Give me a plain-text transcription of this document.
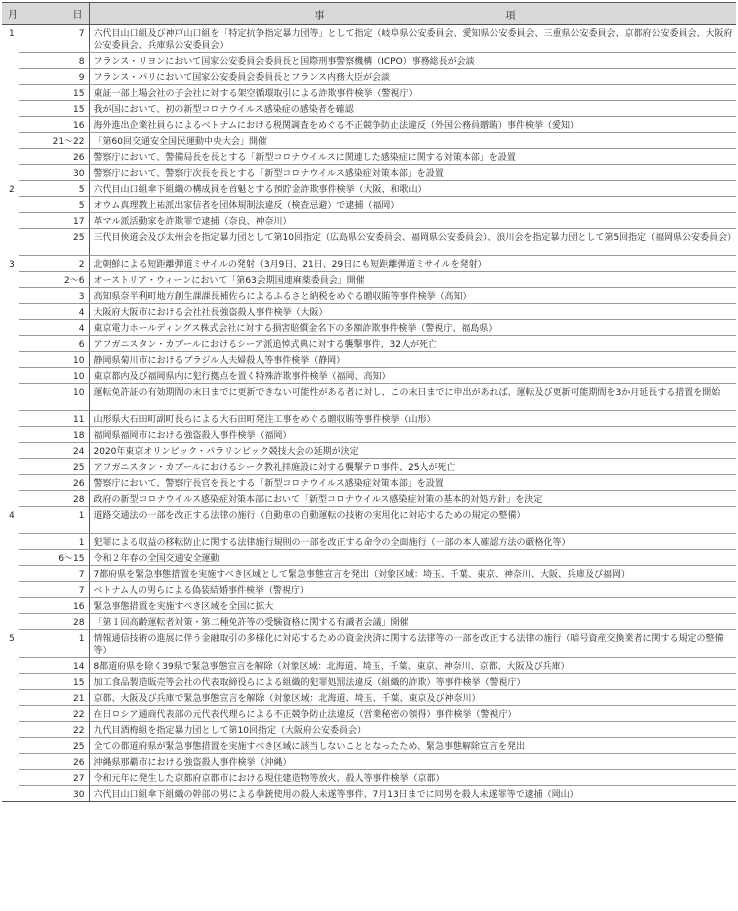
月	日	事 項

1	7	六代目山口組及び神戸山口組を「特定抗争指定暴力団等」として指定（岐阜県公安委員会、愛知県公安委員会、三重県公安委員会、京都府公安委員会、大阪府公安委員会、兵庫県公安委員会）
	8	フランス・リヨンにおいて国家公安委員会委員長と国際刑事警察機構（ICPO）事務総長が会談
	9	フランス・パリにおいて国家公安委員会委員長とフランス内務大臣が会談
	15	東証一部上場会社の子会社に対する架空循環取引による詐欺事件検挙（警視庁）
	15	我が国において、初の新型コロナウイルス感染症の感染者を確認
	16	海外進出企業社員らによるベトナムにおける税関調査をめぐる不正競争防止法違反（外国公務員贈賄）事件検挙（愛知）
	21～22	「第60回交通安全国民運動中央大会」開催
	26	警察庁において、警備局長を長とする「新型コロナウイルスに関連した感染症に関する対策本部」を設置
	30	警察庁において、警察庁次長を長とする「新型コロナウイルス感染症対策本部」を設置
2	5	六代目山口組傘下組織の構成員を首魁とする預貯金詐欺事件検挙（大阪、和歌山）
	5	オウム真理教上祐派出家信者を団体規制法違反（検査忌避）で逮捕（福岡）
	17	革マル派活動家を詐欺罪で逮捕（奈良、神奈川）
	25	三代目俠道会及び太州会を指定暴力団として第10回指定（広島県公安委員会、福岡県公安委員会）、浪川会を指定暴力団として第5回指定（福岡県公安委員会）
3	2	北朝鮮による短距離弾道ミサイルの発射（3月9日、21日、29日にも短距離弾道ミサイルを発射）
	2～6	オーストリア・ウィーンにおいて「第63会期国連麻薬委員会」開催
	3	高知県奈半利町地方創生課課長補佐らによるふるさと納税をめぐる贈収賄等事件検挙（高知）
	4	大阪府大阪市における会社社長強盗殺人事件検挙（大阪）
	4	東京電力ホールディングス株式会社に対する損害賠償金名下の多額詐欺事件検挙（警視庁、福島県）
	6	アフガニスタン・カブールにおけるシーア派追悼式典に対する襲撃事件、32人が死亡
	10	静岡県菊川市におけるブラジル人夫婦殺人等事件検挙（静岡）
	10	東京都内及び福岡県内に犯行拠点を置く特殊詐欺事件検挙（福岡、高知）
	10	運転免許証の有効期間の末日までに更新できない可能性がある者に対し、この末日までに申出があれば、運転及び更新可能期間を3か月延長する措置を開始
	11	山形県大石田町副町長らによる大石田町発注工事をめぐる贈収賄等事件検挙（山形）
	18	福岡県福岡市における強盗殺人事件検挙（福岡）
	24	2020年東京オリンピック・パラリンピック競技大会の延期が決定
	25	アフガニスタン・カブールにおけるシーク教礼拝施設に対する襲撃テロ事件、25人が死亡
	26	警察庁において、警察庁長官を長とする「新型コロナウイルス感染症対策本部」を設置
	28	政府の新型コロナウイルス感染症対策本部において「新型コロナウイルス感染症対策の基本的対処方針」を決定
4	1	道路交通法の一部を改正する法律の施行（自動車の自動運転の技術の実用化に対応するための規定の整備）
	1	犯罪による収益の移転防止に関する法律施行規則の一部を改正する命令の全面施行（一部の本人確認方法の厳格化等）
	6～15	令和２年春の全国交通安全運動
	7	7都府県を緊急事態措置を実施すべき区域として緊急事態宣言を発出（対象区域：埼玉、千葉、東京、神奈川、大阪、兵庫及び福岡）
	7	ベトナム人の男らによる偽装結婚事件検挙（警視庁）
	16	緊急事態措置を実施すべき区域を全国に拡大
	28	「第１回高齢運転者対策・第二種免許等の受験資格に関する有識者会議」開催
5	1	情報通信技術の進展に伴う金融取引の多様化に対応するための資金決済に関する法律等の一部を改正する法律の施行（暗号資産交換業者に関する規定の整備等）
	14	8都道府県を除く39県で緊急事態宣言を解除（対象区域：北海道、埼玉、千葉、東京、神奈川、京都、大阪及び兵庫）
	15	加工食品製造販売等会社の代表取締役らによる組織的犯罪処罰法違反（組織的詐欺）等事件検挙（警視庁）
	21	京都、大阪及び兵庫で緊急事態宣言を解除（対象区域：北海道、埼玉、千葉、東京及び神奈川）
	22	在日ロシア通商代表部の元代表代理らによる不正競争防止法違反（営業秘密の領得）事件検挙（警視庁）
	22	九代目酒梅組を指定暴力団として第10回指定（大阪府公安委員会）
	25	全ての都道府県が緊急事態措置を実施すべき区域に該当しないこととなったため、緊急事態解除宣言を発出
	26	沖縄県那覇市における強盗殺人事件検挙（沖縄）
	27	令和元年に発生した京都府京都市における現住建造物等放火、殺人等事件検挙（京都）
	30	六代目山口組傘下組織の幹部の男による拳銃使用の殺人未遂等事件、7月13日までに同男を殺人未遂罪等で逮捕（岡山）
